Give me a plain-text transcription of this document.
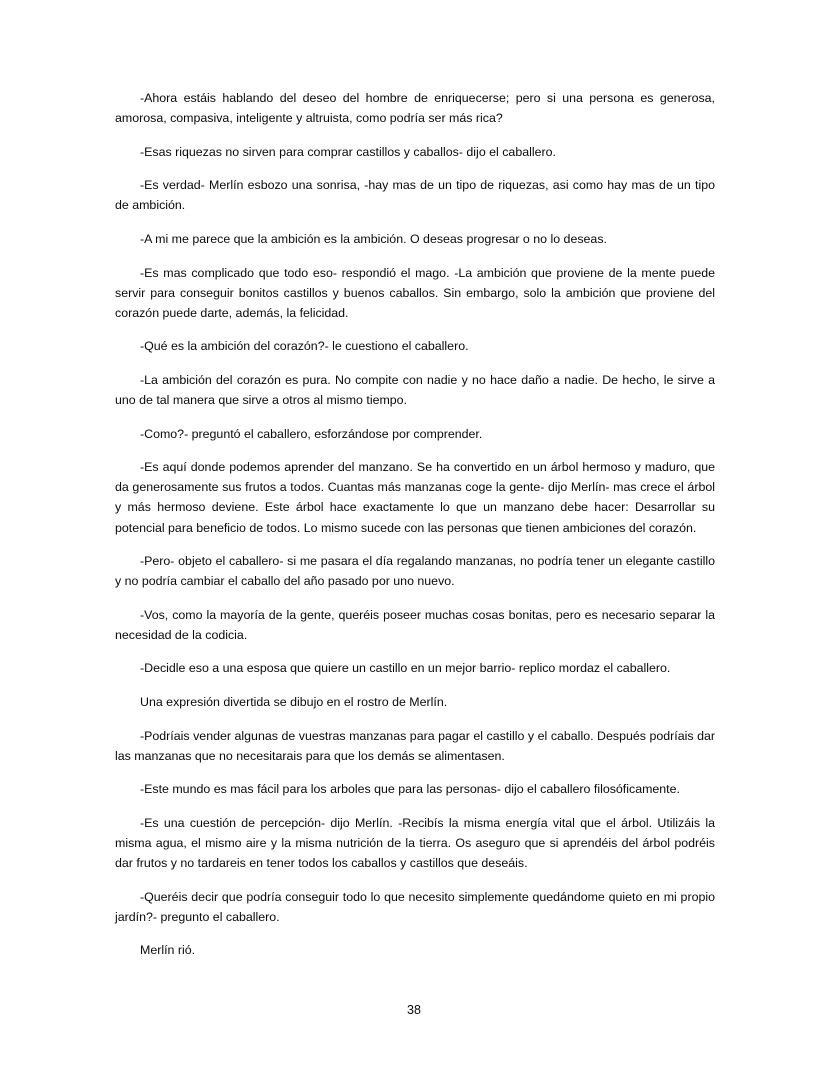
-Ahora estáis hablando del deseo del hombre de enriquecerse; pero si una persona es generosa, amorosa, compasiva, inteligente y altruista, como podría ser más rica?

-Esas riquezas no sirven para comprar castillos y caballos- dijo el caballero.

-Es verdad- Merlín esbozo una sonrisa, -hay mas de un tipo de riquezas, asi como hay mas de un tipo de ambición.

-A mi me parece que la ambición es la ambición. O deseas progresar o no lo deseas.

-Es mas complicado que todo eso- respondió el mago. -La ambición que proviene de la mente puede servir para conseguir bonitos castillos y buenos caballos. Sin embargo, solo la ambición que proviene del corazón puede darte, además, la felicidad.

-Qué es la ambición del corazón?- le cuestiono el caballero.

-La ambición del corazón es pura. No compite con nadie y no hace daño a nadie. De hecho, le sirve a uno de tal manera que sirve a otros al mismo tiempo.

-Como?- preguntó el caballero, esforzándose por comprender.

-Es aquí donde podemos aprender del manzano. Se ha convertido en un árbol hermoso y maduro, que da generosamente sus frutos a todos. Cuantas más manzanas coge la gente- dijo Merlín- mas crece el árbol y más hermoso deviene. Este árbol hace exactamente lo que un manzano debe hacer: Desarrollar su potencial para beneficio de todos. Lo mismo sucede con las personas que tienen ambiciones del corazón.

-Pero- objeto el caballero- si me pasara el día regalando manzanas, no podría tener un elegante castillo y no podría cambiar el caballo del año pasado por uno nuevo.

-Vos, como la mayoría de la gente, queréis poseer muchas cosas bonitas, pero es necesario separar la necesidad de la codicia.

-Decidle eso a una esposa que quiere un castillo en un mejor barrio- replico mordaz el caballero.

Una expresión divertida se dibujo en el rostro de Merlín.

-Podríais vender algunas de vuestras manzanas para pagar el castillo y el caballo. Después podríais dar las manzanas que no necesitarais para que los demás se alimentasen.

-Este mundo es mas fácil para los arboles que para las personas- dijo el caballero filosóficamente.

-Es una cuestión de percepción- dijo Merlín. -Recibís la misma energía vital que el árbol. Utilizáis la misma agua, el mismo aire y la misma nutrición de la tierra. Os aseguro que si aprendéis del árbol podréis dar frutos y no tardareis en tener todos los caballos y castillos que deseáis.

-Queréis decir que podría conseguir todo lo que necesito simplemente quedándome quieto en mi propio jardín?- pregunto el caballero.

Merlín rió.

38
